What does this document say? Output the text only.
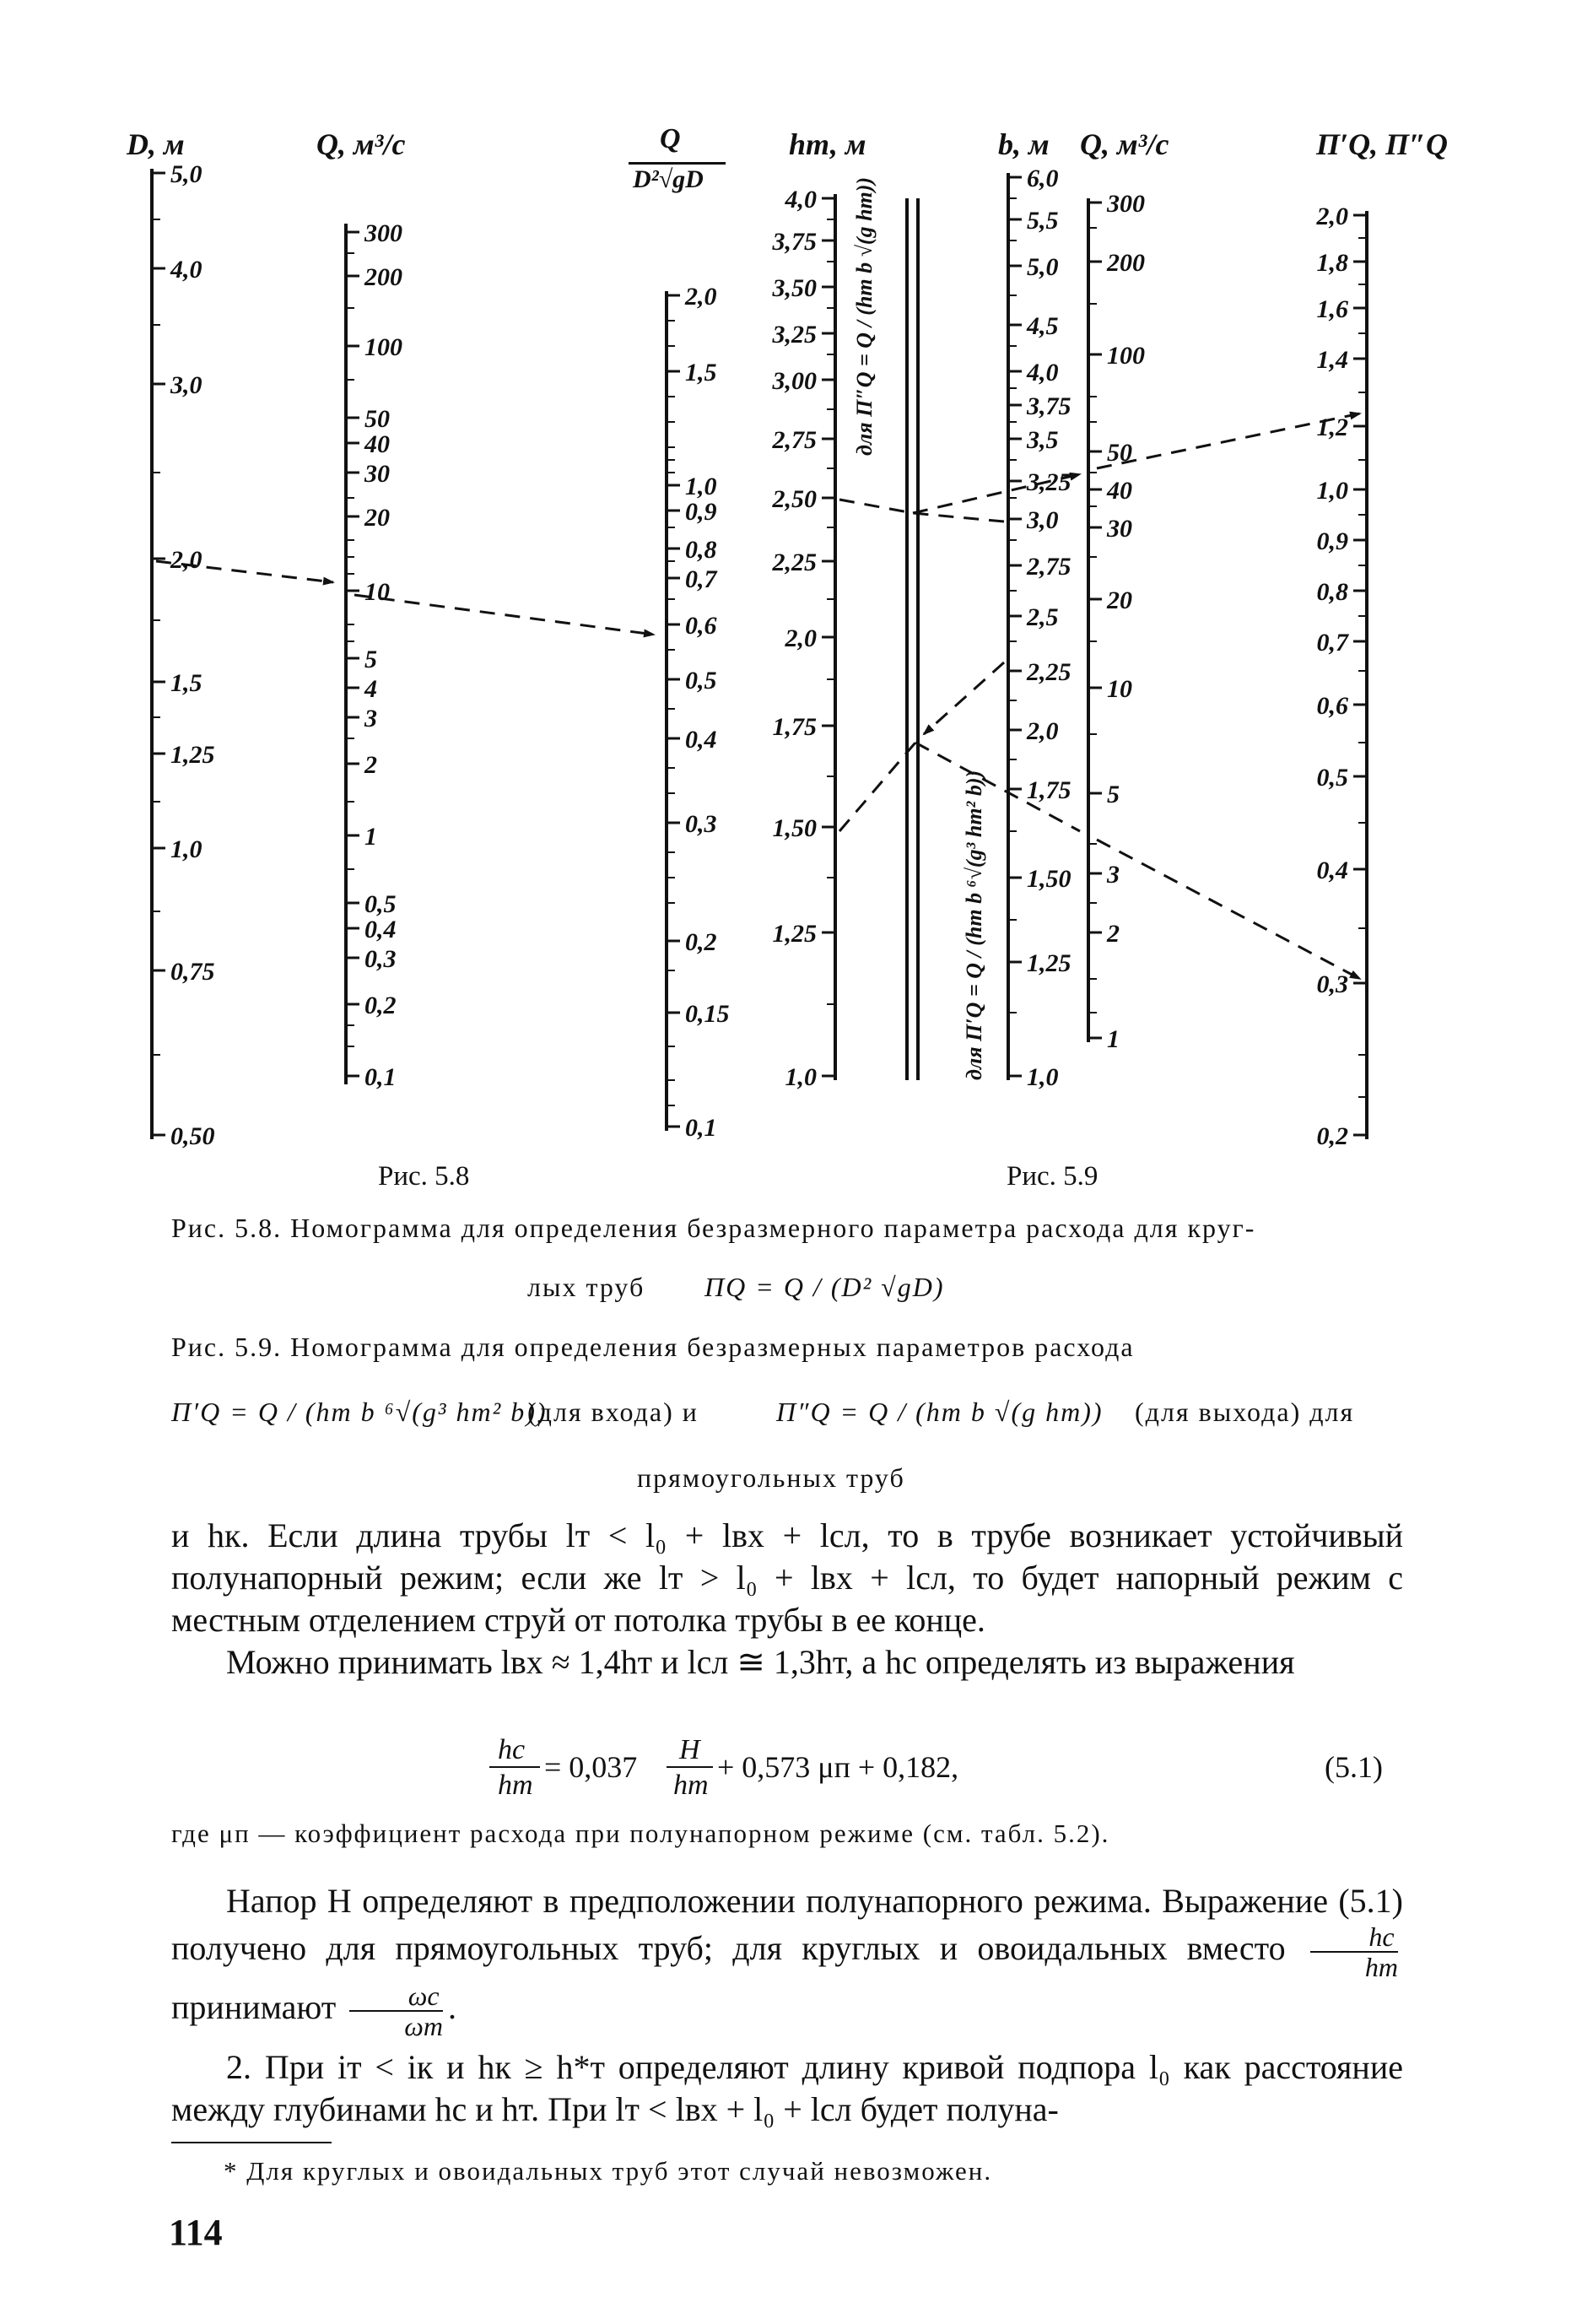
5,0
4,0
3,0
2,0
1,5
1,25
1,0
0,75
0,50
300
200
100
50
40
30
20
10
5
4
3
2
1
0,5
0,4
0,3
0,2
0,1
2,0
1,5
1,0
0,9
0,8
0,7
0,6
0,5
0,4
0,3
0,2
0,15
0,1
4,0
3,75
3,50
3,25
3,00
2,75
2,50
2,25
2,0
1,75
1,50
1,25
1,0
6,0
5,5
5,0
4,5
4,0
3,75
3,5
3,25
3,0
2,75
2,5
2,25
2,0
1,75
1,50
1,25
1,0
300
200
100
50
40
30
20
10
5
3
2
1
2,0
1,8
1,6
1,4
1,2
1,0
0,9
0,8
0,7
0,6
0,5
0,4
0,3
0,2
D, м	Q, м³/с	Q
D²√gD
hт, м	b, м Q, м³/с	П′Q, П″Q
для П″Q = Q / (hт b √(g hт))
для П′Q = Q / (hт b ⁶√(g³ hт² b))
Рис. 5.8	Рис. 5.9
Рис. 5.8. Номограмма для определения безразмерного параметра расхода для круг-
лых труб ПQ = Q / (D² √gD)
Рис. 5.9. Номограмма для определения безразмерных параметров расхода
П′Q = Q / (hт b ⁶√(g³ hт² b))
(для входа) и	П″Q = Q / (hт b √(g hт)) (для выхода) для
прямоугольных труб
и hк. Если длина трубы lт < l₀ + lвх + lсл, то в трубе возникает устойчивый полунапорный режим; если же lт > l₀ + lвх + lсл, то будет напорный режим с местным отделением струй от потолка трубы в ее конце.
Можно принимать lвх ≈ 1,4hт и lсл ≅ 1,3hт, а hс определять из выражения
hс
hт
= 0,037
H
hт
+ 0,573 μп + 0,182,	(5.1)
где μп — коэффициент расхода при полунапорном режиме (см. табл. 5.2).
Напор H определяют в предположении полунапорного режима. Выражение (5.1) получено для прямоугольных труб; для круглых и овоидальных вместо	hс
hт
принимают	ωс
ωт .
2. При iт < iк и hк ≥ h*т определяют длину кривой подпора l₀ как расстояние между глубинами hс и hт. При lт < lвх + l₀ + lсл будет полуна-
* Для круглых и овоидальных труб этот случай невозможен.
114
